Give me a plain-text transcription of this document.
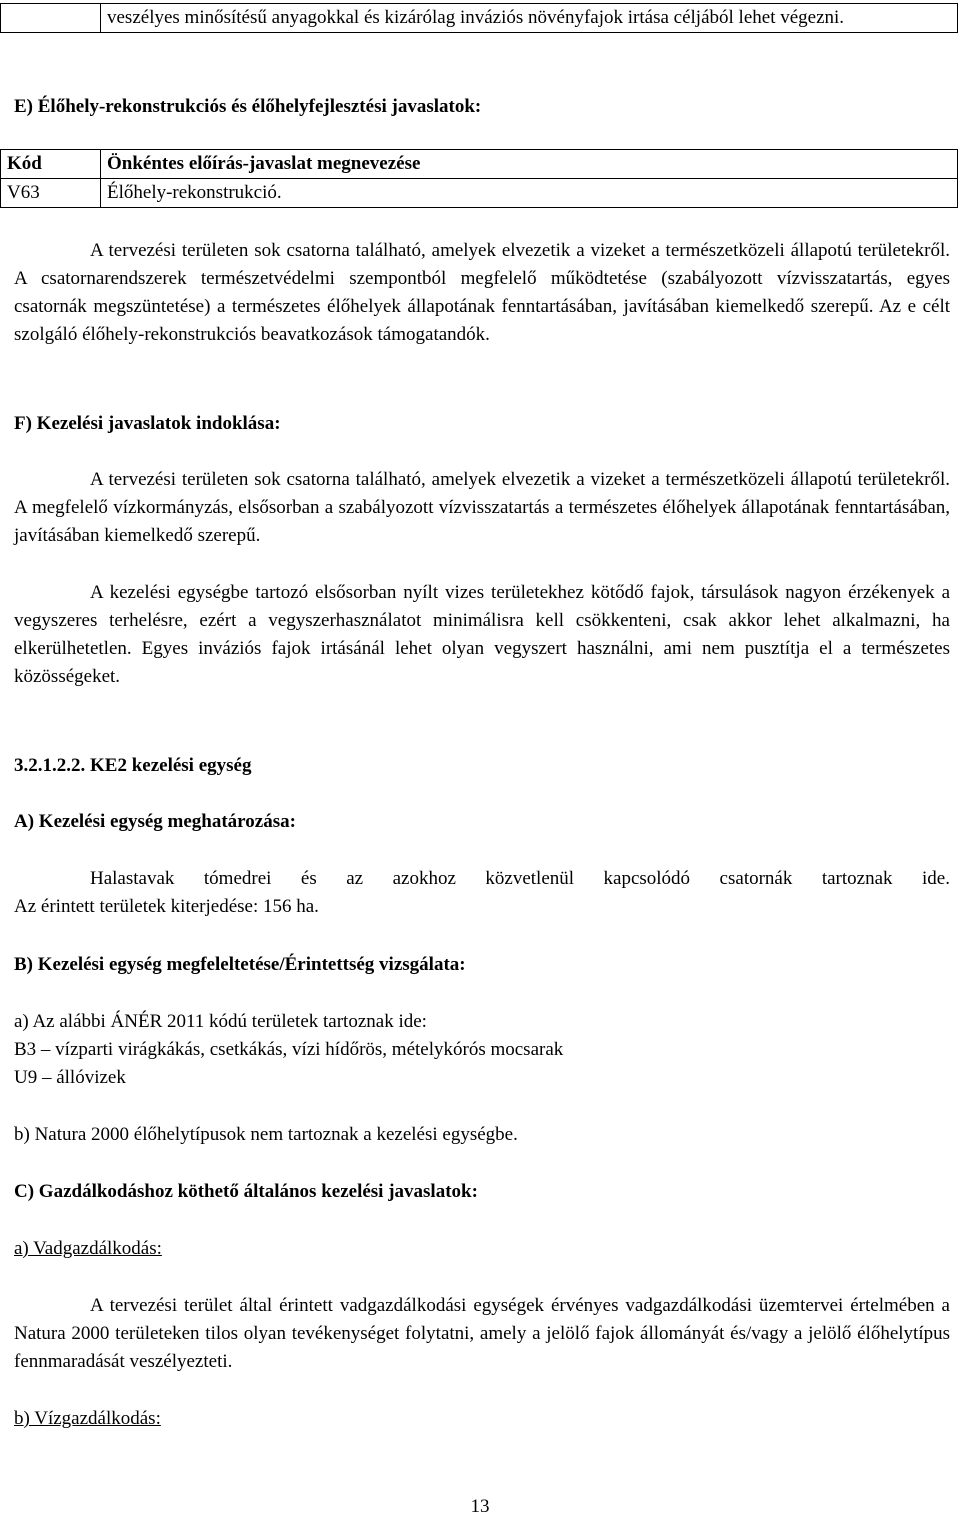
	veszélyes minősítésű anyagokkal és kizárólag inváziós növényfajok irtása céljából lehet végezni.
E) Élőhely-rekonstrukciós és élőhelyfejlesztési javaslatok:
Kód	Önkéntes előírás-javaslat megnevezése
V63	Élőhely-rekonstrukció.

A tervezési területen sok csatorna található, amelyek elvezetik a vizeket a természetközeli állapotú területekről. A csatornarendszerek természetvédelmi szempontból megfelelő működtetése (szabályozott vízvisszatartás, egyes csatornák megszüntetése) a természetes élőhelyek állapotának fenntartásában, javításában kiemelkedő szerepű. Az e célt szolgáló élőhely-rekonstrukciós beavatkozások támogatandók.

F) Kezelési javaslatok indoklása:

A tervezési területen sok csatorna található, amelyek elvezetik a vizeket a természetközeli állapotú területekről. A megfelelő vízkormányzás, elsősorban a szabályozott vízvisszatartás a természetes élőhelyek állapotának fenntartásában, javításában kiemelkedő szerepű.

A kezelési egységbe tartozó elsősorban nyílt vizes területekhez kötődő fajok, társulások nagyon érzékenyek a vegyszeres terhelésre, ezért a vegyszerhasználatot minimálisra kell csökkenteni, csak akkor lehet alkalmazni, ha elkerülhetetlen. Egyes inváziós fajok irtásánál lehet olyan vegyszert használni, ami nem pusztítja el a természetes közösségeket.

3.2.1.2.2. KE2 kezelési egység
A) Kezelési egység meghatározása:
Halastavak tómedrei és az azokhoz közvetlenül kapcsolódó csatornák tartoznak ide.
Az érintett területek kiterjedése: 156 ha.
B) Kezelési egység megfeleltetése/Érintettség vizsgálata:
a) Az alábbi ÁNÉR 2011 kódú területek tartoznak ide:
B3 – vízparti virágkákás, csetkákás, vízi hídőrös, mételykórós mocsarak
U9 – állóvizek
b) Natura 2000 élőhelytípusok nem tartoznak a kezelési egységbe.
C) Gazdálkodáshoz köthető általános kezelési javaslatok:
a) Vadgazdálkodás:

A tervezési terület által érintett vadgazdálkodási egységek érvényes vadgazdálkodási üzemtervei értelmében a Natura 2000 területeken tilos olyan tevékenységet folytatni, amely a jelölő fajok állományát és/vagy a jelölő élőhelytípus fennmaradását veszélyezteti.

b) Vízgazdálkodás:
13
